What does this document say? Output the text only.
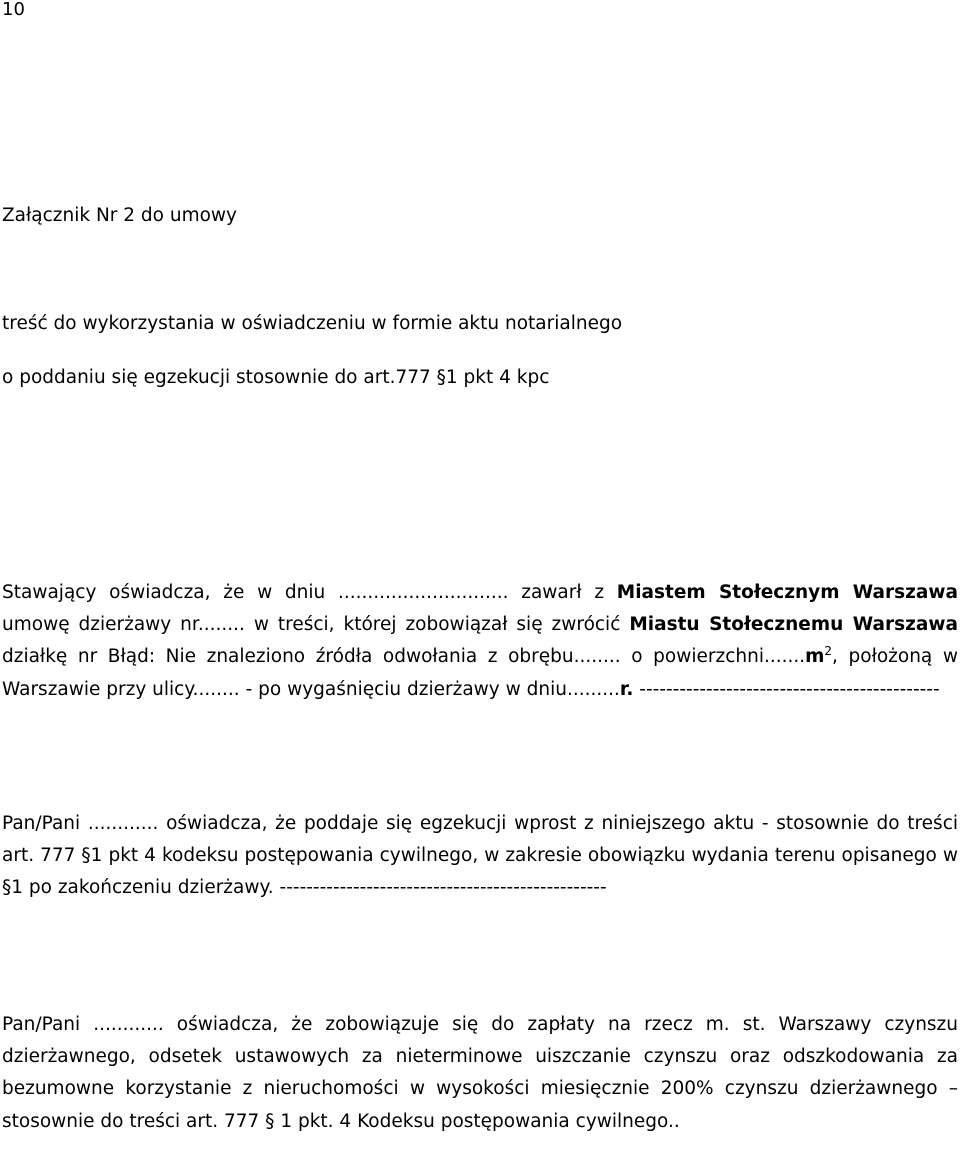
10
Załącznik Nr 2 do umowy
treść do wykorzystania w oświadczeniu w formie aktu notarialnego
o poddaniu się egzekucji stosownie do art.777 §1 pkt 4 kpc
Stawający oświadcza, że w dniu ............................. zawarł z Miastem Stołecznym Warszawa umowę dzierżawy nr........ w treści, której zobowiązał się zwrócić Miastu Stołecznemu Warszawa działkę nr Błąd: Nie znaleziono źródła odwołania z obrębu........ o $powierzchni.......m^2$, położoną w Warszawie przy ulicy........ - po wygaśnięciu dzierżawy w dniu.........r. ---------------------------------------------
Pan/Pani ............ oświadcza, że poddaje się egzekucji wprost z niniejszego aktu - stosownie do treści art. 777 §1 pkt 4 kodeksu postępowania cywilnego, w zakresie obowiązku wydania terenu opisanego w §1 po zakończeniu dzierżawy. -------------------------------------------------
Pan/Pani ............ oświadcza, że zobowiązuje się do zapłaty na rzecz m. st. Warszawy czynszu dzierżawnego, odsetek ustawowych za nieterminowe uiszczanie czynszu oraz odszkodowania za bezumowne korzystanie z nieruchomości w wysokości miesięcznie 200% czynszu dzierżawnego – stosownie do treści art. 777 § 1 pkt. 4 Kodeksu postępowania cywilnego..
